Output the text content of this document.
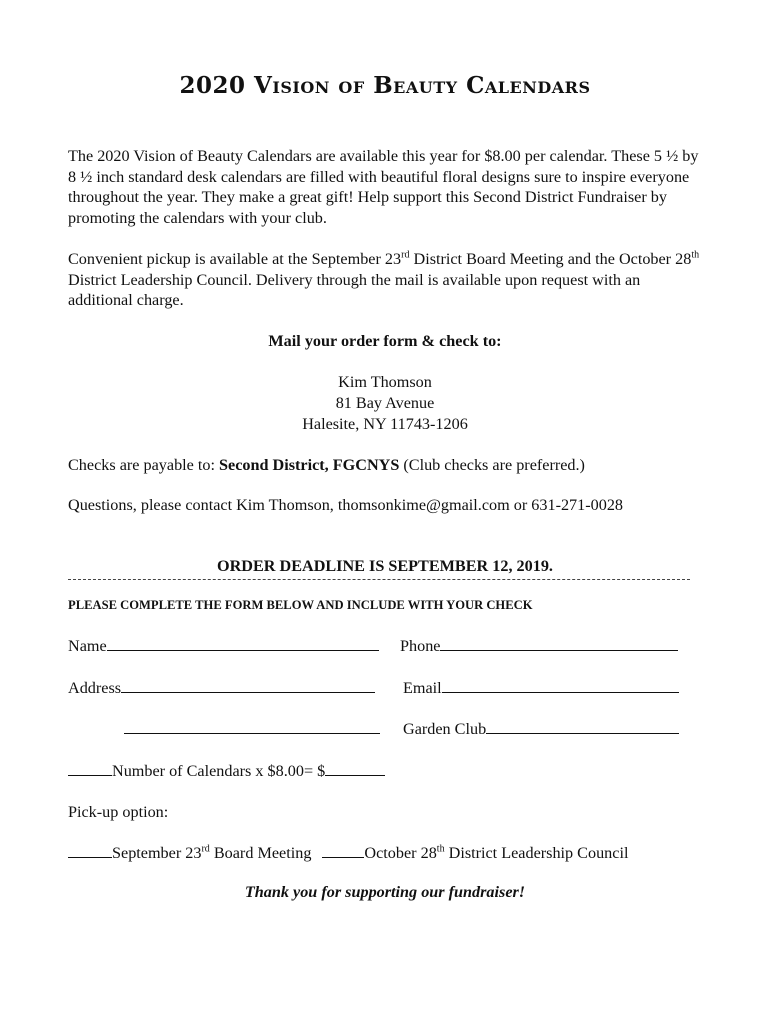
2020 Vision of Beauty Calendars

The 2020 Vision of Beauty Calendars are available this year for $8.00 per calendar. These 5 ½ by 8 ½ inch standard desk calendars are filled with beautiful floral designs sure to inspire everyone throughout the year. They make a great gift! Help support this Second District Fundraiser by promoting the calendars with your club.

Convenient pickup is available at the September 23rd District Board Meeting and the October 28th District Leadership Council. Delivery through the mail is available upon request with an additional charge.

Mail your order form & check to:
Kim Thomson
81 Bay Avenue
Halesite, NY 11743-1206
Checks are payable to: Second District, FGCNYS (Club checks are preferred.)
Questions, please contact Kim Thomson, thomsonkime@gmail.com or 631-271-0028
ORDER DEADLINE IS SEPTEMBER 12, 2019.
PLEASE COMPLETE THE FORM BELOW AND INCLUDE WITH YOUR CHECK
Name	Phone
Address	Email
Garden Club
Number of Calendars x $8.00= $
Pick-up option:
September 23rd Board Meeting	October 28th District Leadership Council
Thank you for supporting our fundraiser!
